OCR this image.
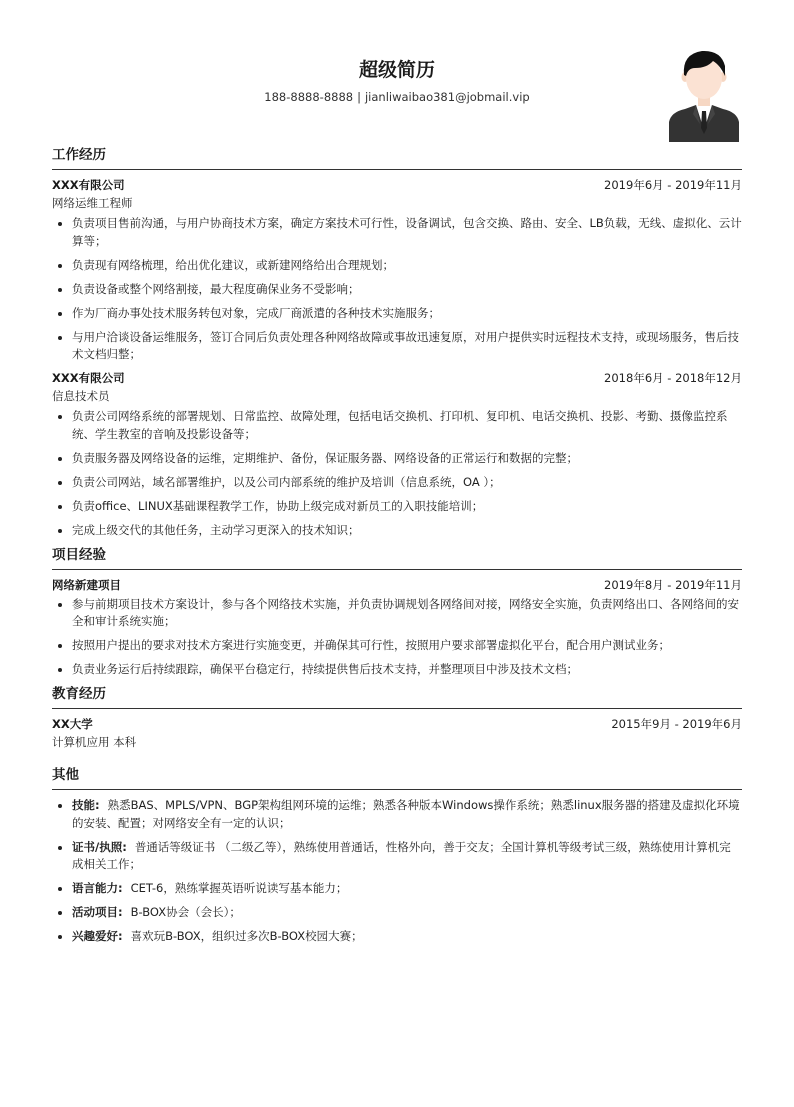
超级简历
188-8888-8888 | jianliwaibao381@jobmail.vip
工作经历
XXX有限公司	2019年6月 - 2019年11月
网络运维工程师
• 负责项目售前沟通，与用户协商技术方案，确定方案技术可行性，设备调试，包含交换、路由、安全、LB负载，无线、虚拟化、云计算等；
• 负责现有网络梳理，给出优化建议，或新建网络给出合理规划；
• 负责设备或整个网络割接，最大程度确保业务不受影响；
• 作为厂商办事处技术服务转包对象，完成厂商派遣的各种技术实施服务；
• 与用户洽谈设备运维服务，签订合同后负责处理各种网络故障或事故迅速复原，对用户提供实时远程技术支持，或现场服务，售后技术文档归整；
XXX有限公司	2018年6月 - 2018年12月
信息技术员
• 负责公司网络系统的部署规划、日常监控、故障处理，包括电话交换机、打印机、复印机、电话交换机、投影、考勤、摄像监控系统、学生教室的音响及投影设备等；
• 负责服务器及网络设备的运维，定期维护、备份，保证服务器、网络设备的正常运行和数据的完整；
• 负责公司网站，域名部署维护，以及公司内部系统的维护及培训（信息系统，OA ）；
• 负责office、LINUX基础课程教学工作，协助上级完成对新员工的入职技能培训；
• 完成上级交代的其他任务，主动学习更深入的技术知识；
项目经验
网络新建项目	2019年8月 - 2019年11月
• 参与前期项目技术方案设计，参与各个网络技术实施，并负责协调规划各网络间对接，网络安全实施，负责网络出口、各网络间的安全和审计系统实施；
• 按照用户提出的要求对技术方案进行实施变更，并确保其可行性，按照用户要求部署虚拟化平台，配合用户测试业务；
• 负责业务运行后持续跟踪，确保平台稳定行，持续提供售后技术支持，并整理项目中涉及技术文档；
教育经历
XX大学	2015年9月 - 2019年6月
计算机应用 本科
其他
• 技能: 熟悉BAS、MPLS/VPN、BGP架构组网环境的运维；熟悉各种版本Windows操作系统；熟悉linux服务器的搭建及虚拟化环境的安装、配置；对网络安全有一定的认识；
• 证书/执照: 普通话等级证书 （二级乙等），熟练使用普通话，性格外向，善于交友；全国计算机等级考试三级，熟练使用计算机完成相关工作；
• 语言能力: CET-6，熟练掌握英语听说读写基本能力；
• 活动项目: B-BOX协会（会长）；
• 兴趣爱好: 喜欢玩B-BOX，组织过多次B-BOX校园大赛；
